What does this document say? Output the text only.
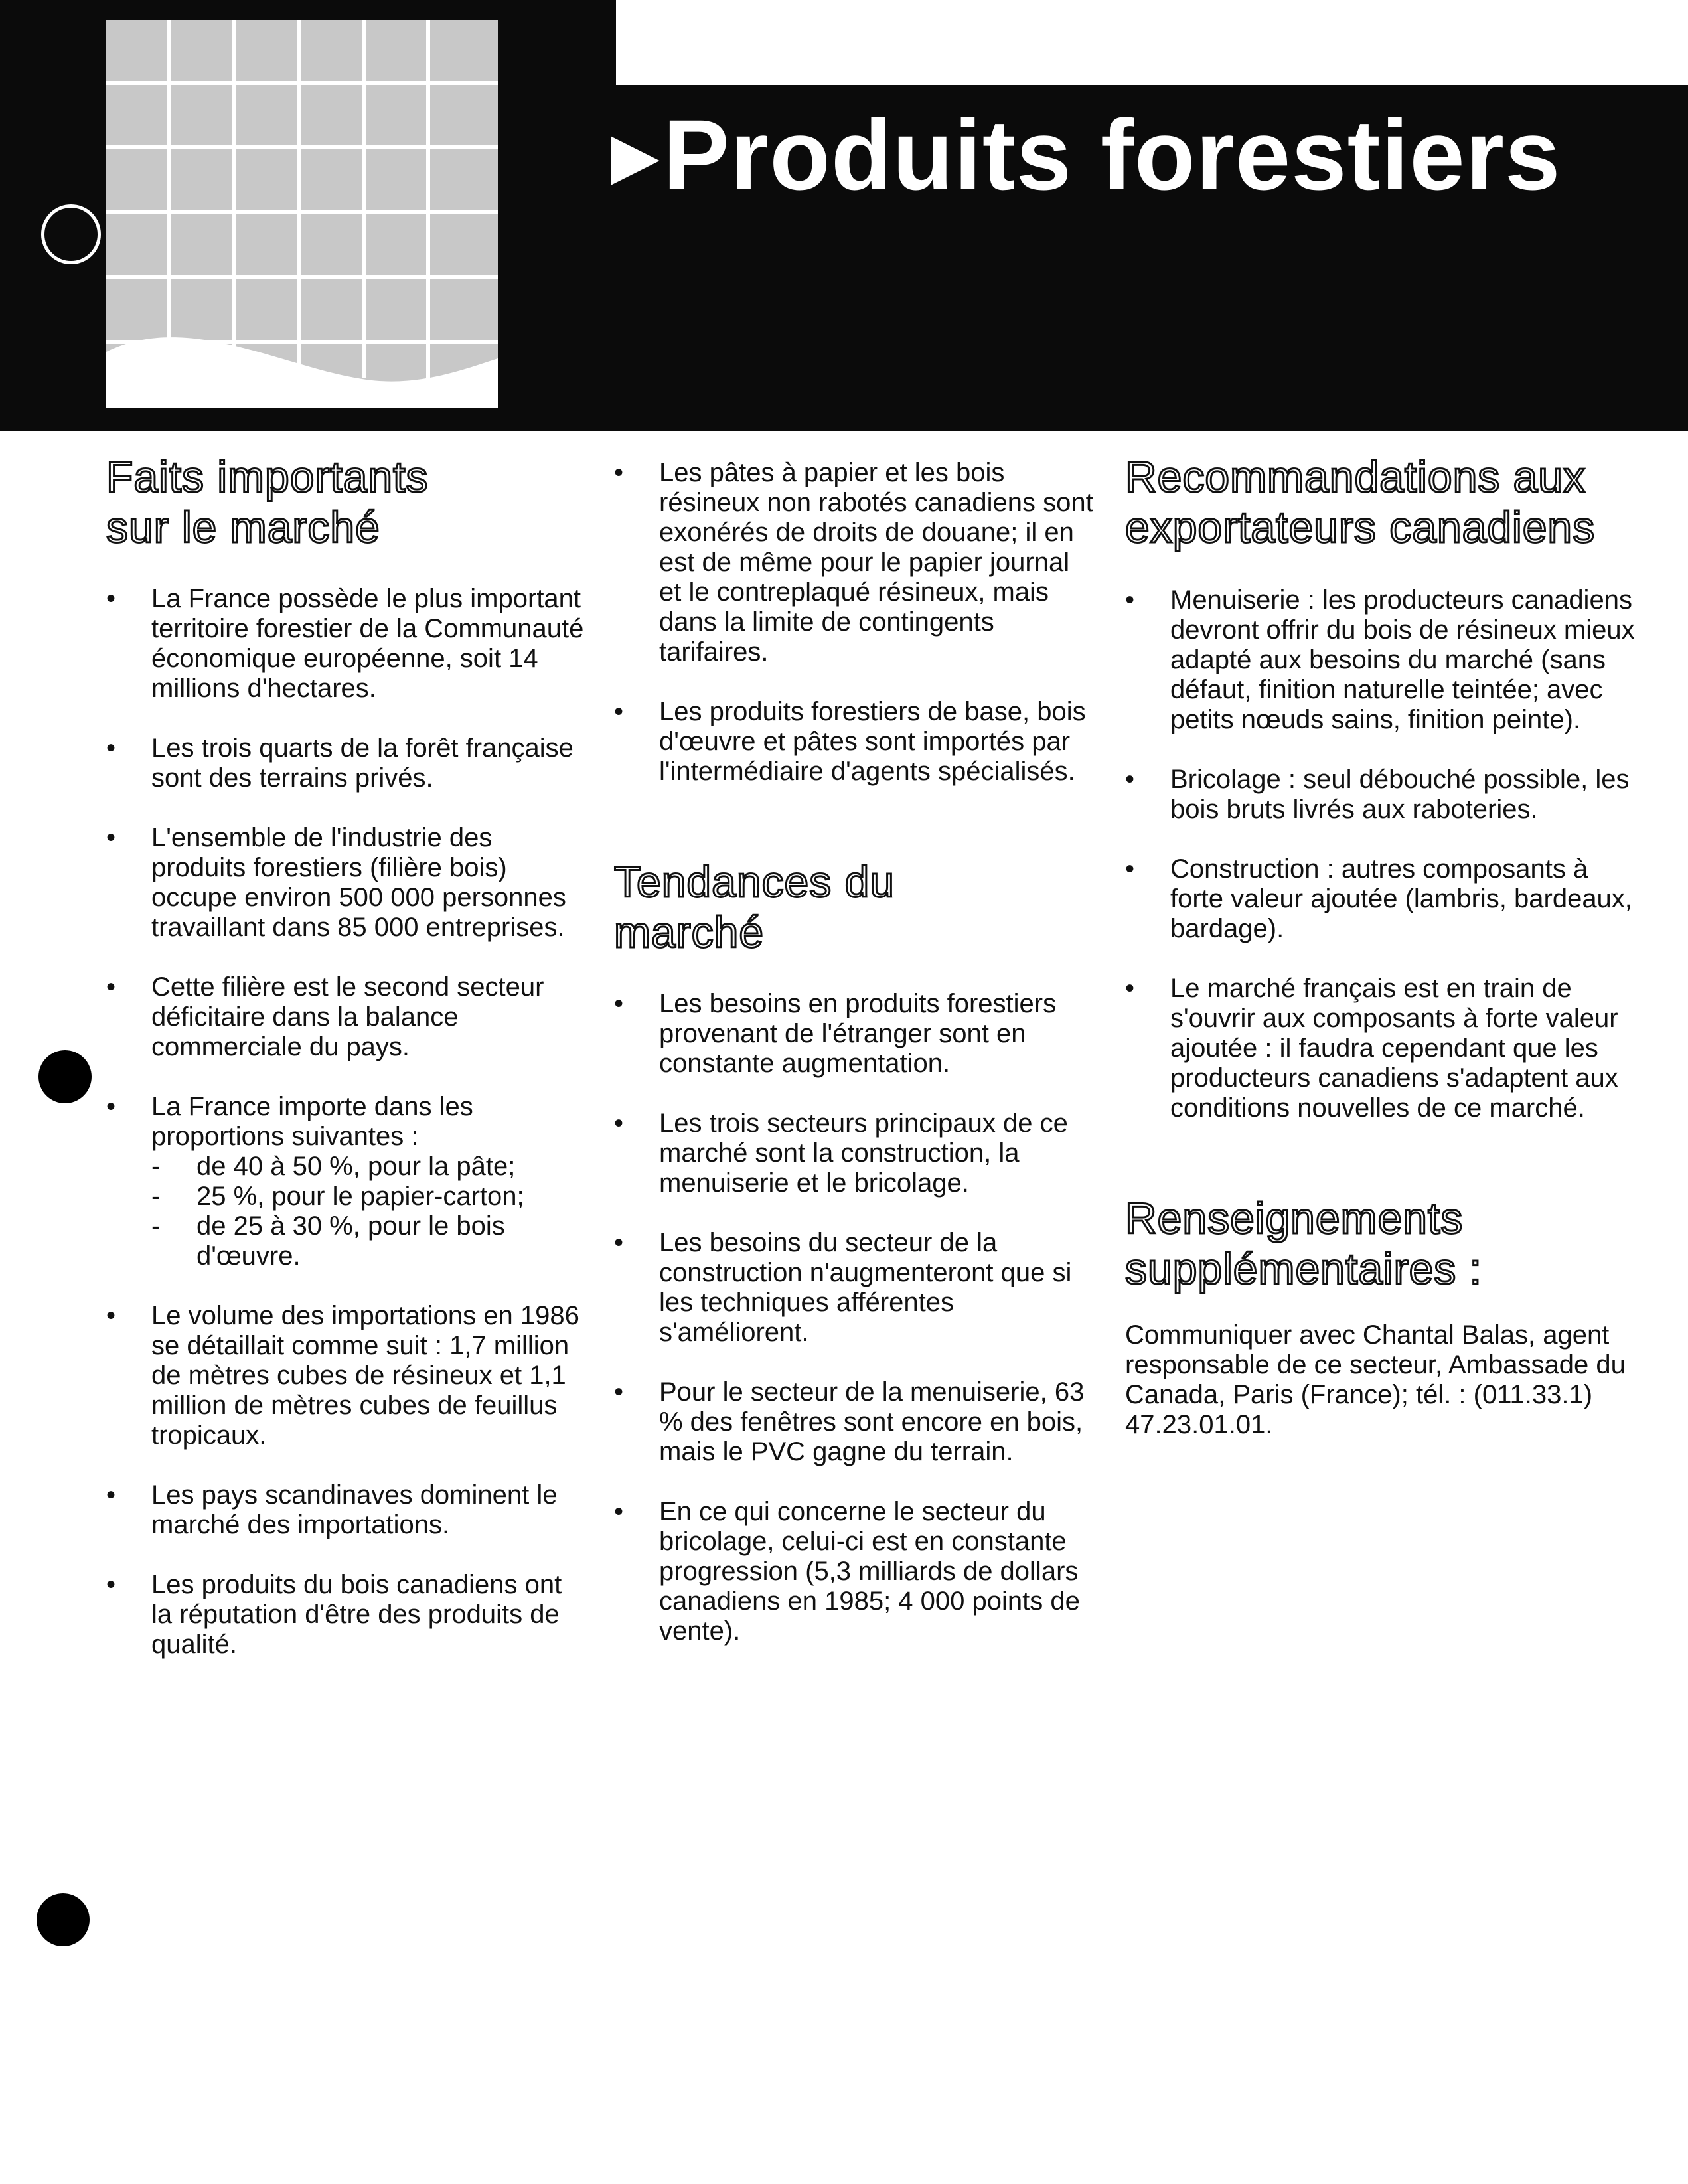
▶Produits forestiers
Faits importants
sur le marché
• La France possède le plus important territoire forestier de la Communauté économique européenne, soit 14 millions d'hectares.
• Les trois quarts de la forêt française sont des terrains privés.
• L'ensemble de l'industrie des produits forestiers (filière bois) occupe environ 500 000 personnes travaillant dans 85 000 entreprises.
• Cette filière est le second secteur déficitaire dans la balance commerciale du pays.
• La France importe dans les proportions suivantes :
- de 40 à 50 %, pour la pâte;
- 25 %, pour le papier-carton;
- de 25 à 30 %, pour le bois d'œuvre.
• Le volume des importations en 1986 se détaillait comme suit : 1,7 million de mètres cubes de résineux et 1,1 million de mètres cubes de feuillus tropicaux.
• Les pays scandinaves dominent le marché des importations.
• Les produits du bois canadiens ont la réputation d'être des produits de qualité.
• Les pâtes à papier et les bois résineux non rabotés canadiens sont exonérés de droits de douane; il en est de même pour le papier journal et le contreplaqué résineux, mais dans la limite de contingents tarifaires.
• Les produits forestiers de base, bois d'œuvre et pâtes sont importés par l'intermédiaire d'agents spécialisés.
Tendances du
marché
• Les besoins en produits forestiers provenant de l'étranger sont en constante augmentation.
• Les trois secteurs principaux de ce marché sont la construction, la menuiserie et le bricolage.
• Les besoins du secteur de la construction n'augmenteront que si les techniques afférentes s'améliorent.
• Pour le secteur de la menuiserie, 63 % des fenêtres sont encore en bois, mais le PVC gagne du terrain.
• En ce qui concerne le secteur du bricolage, celui-ci est en constante progression (5,3 milliards de dollars canadiens en 1985; 4 000 points de vente).
Recommandations aux
exportateurs canadiens
• Menuiserie : les producteurs canadiens devront offrir du bois de résineux mieux adapté aux besoins du marché (sans défaut, finition naturelle teintée; avec petits nœuds sains, finition peinte).
• Bricolage : seul débouché possible, les bois bruts livrés aux raboteries.
• Construction : autres composants à forte valeur ajoutée (lambris, bardeaux, bardage).
• Le marché français est en train de s'ouvrir aux composants à forte valeur ajoutée : il faudra cependant que les producteurs canadiens s'adaptent aux conditions nouvelles de ce marché.
Renseignements
supplémentaires :

Communiquer avec Chantal Balas, agent responsable de ce secteur, Ambassade du Canada, Paris (France); tél. : (011.33.1) 47.23.01.01.
